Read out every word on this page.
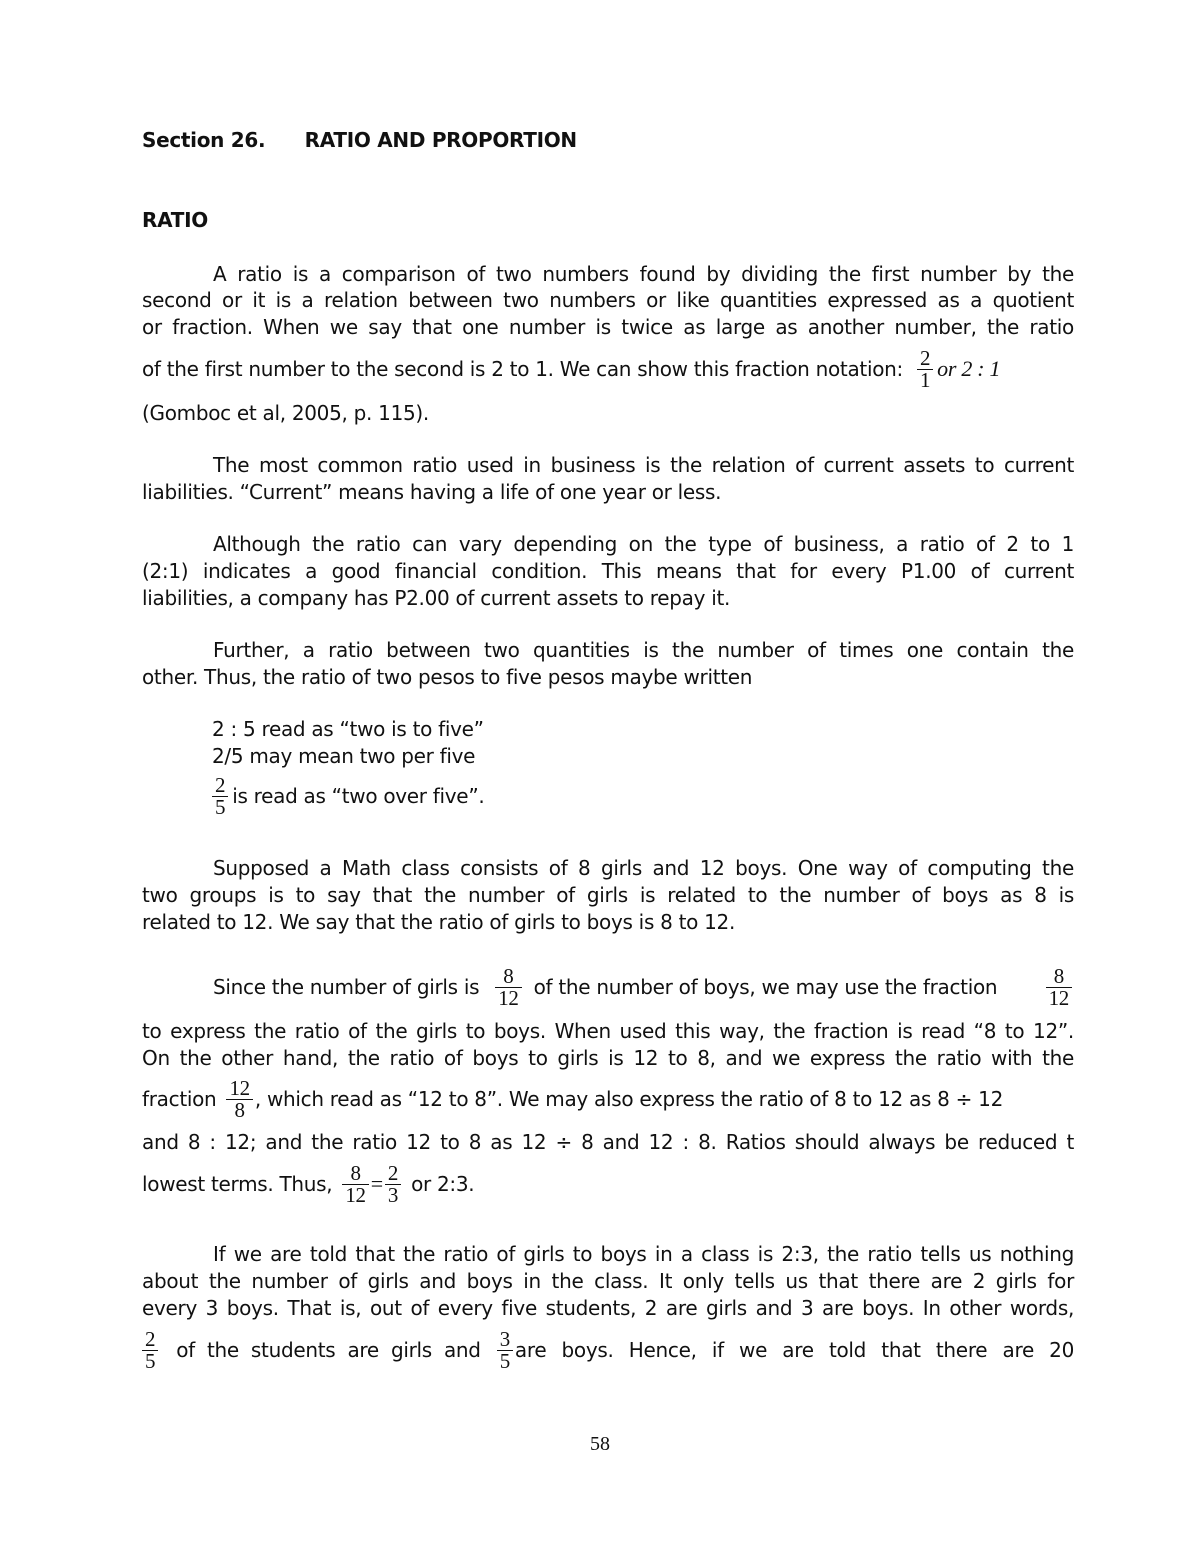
Section 26. RATIO AND PROPORTION
RATIO
A ratio is a comparison of two numbers found by dividing the first number by the
second or it is a relation between two numbers or like quantities expressed as a quotient
or fraction. When we say that one number is twice as large as another number, the ratio
of the first number to the second is 2 to 1. We can show this fraction notation: $\frac{2}{1}$ or 2 : 1
(Gomboc et al, 2005, p. 115).
The most common ratio used in business is the relation of current assets to current
liabilities. “Current” means having a life of one year or less.
Although the ratio can vary depending on the type of business, a ratio of 2 to 1
(2:1) indicates a good financial condition. This means that for every P1.00 of current
liabilities, a company has P2.00 of current assets to repay it.
Further, a ratio between two quantities is the number of times one contain the
other. Thus, the ratio of two pesos to five pesos maybe written
2 : 5 read as “two is to five”
2/5 may mean two per five
$\frac{2}{5}$ is read as “two over five”.
Supposed a Math class consists of 8 girls and 12 boys. One way of computing the
two groups is to say that the number of girls is related to the number of boys as 8 is
related to 12. We say that the ratio of girls to boys is 8 to 12.
Since the number of girls is $\frac{8}{12}$ of the number of boys, we may use the fraction $\frac{8}{12}$
to express the ratio of the girls to boys. When used this way, the fraction is read “8 to 12”.
On the other hand, the ratio of boys to girls is 12 to 8, and we express the ratio with the
fraction $\frac{12}{8}$ , which read as “12 to 8”. We may also express the ratio of 8 to 12 as 8 ÷ 12
and 8 : 12; and the ratio 12 to 8 as 12 ÷ 8 and 12 : 8. Ratios should always be reduced t
lowest terms. Thus, $\frac{8}{12} = \frac{2}{3}$ or 2:3.
If we are told that the ratio of girls to boys in a class is 2:3, the ratio tells us nothing
about the number of girls and boys in the class. It only tells us that there are 2 girls for
every 3 boys. That is, out of every five students, 2 are girls and 3 are boys. In other words,
$\frac{2}{5}$ of the students are girls and $\frac{3}{5}$ are boys. Hence, if we are told that there are 20
58
